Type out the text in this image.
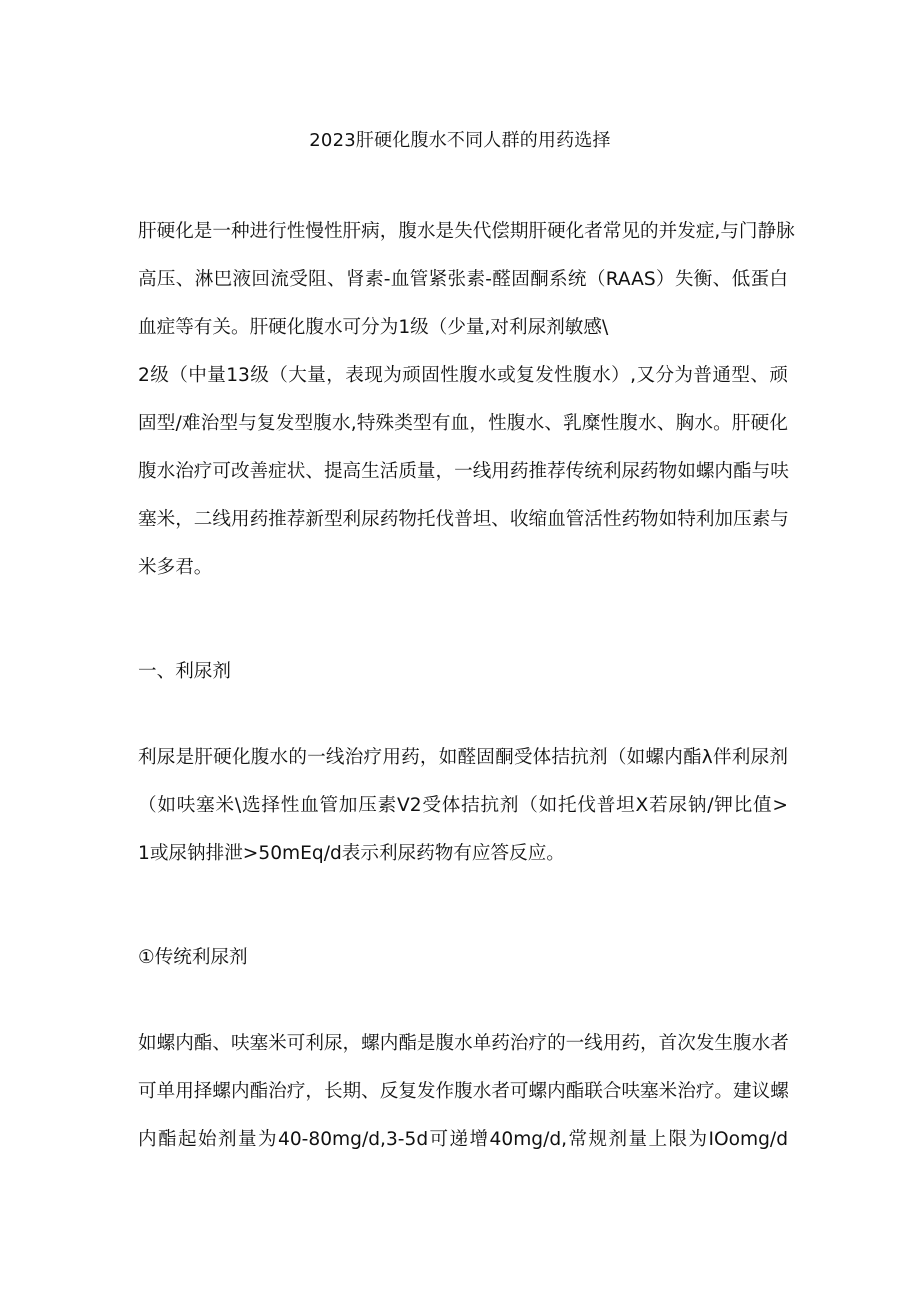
2023肝硬化腹水不同人群的用药选择
肝硬化是一种进行性慢性肝病，腹水是失代偿期肝硬化者常见的并发症,与门静脉
高压、淋巴液回流受阻、肾素-血管紧张素-醛固酮系统（RAAS）失衡、低蛋白
血症等有关。肝硬化腹水可分为1级（少量,对利尿剂敏感\
2级（中量13级（大量，表现为顽固性腹水或复发性腹水）,又分为普通型、顽
固型/难治型与复发型腹水,特殊类型有血，性腹水、乳糜性腹水、胸水。肝硬化
腹水治疗可改善症状、提高生活质量，一线用药推荐传统利尿药物如螺内酯与呋
塞米，二线用药推荐新型利尿药物托伐普坦、收缩血管活性药物如特利加压素与
米多君。
一、利尿剂
利尿是肝硬化腹水的一线治疗用药，如醛固酮受体拮抗剂（如螺内酯λ伴利尿剂
（如呋塞米\选择性血管加压素V2受体拮抗剂（如托伐普坦X若尿钠/钾比值>
1或尿钠排泄>50mEq/d表示利尿药物有应答反应。
①传统利尿剂
如螺内酯、呋塞米可利尿，螺内酯是腹水单药治疗的一线用药，首次发生腹水者
可单用择螺内酯治疗，长期、反复发作腹水者可螺内酯联合呋塞米治疗。建议螺
内酯起始剂量为40-80mg/d,3-5d可递增40mg/d,常规剂量上限为IOomg/d
